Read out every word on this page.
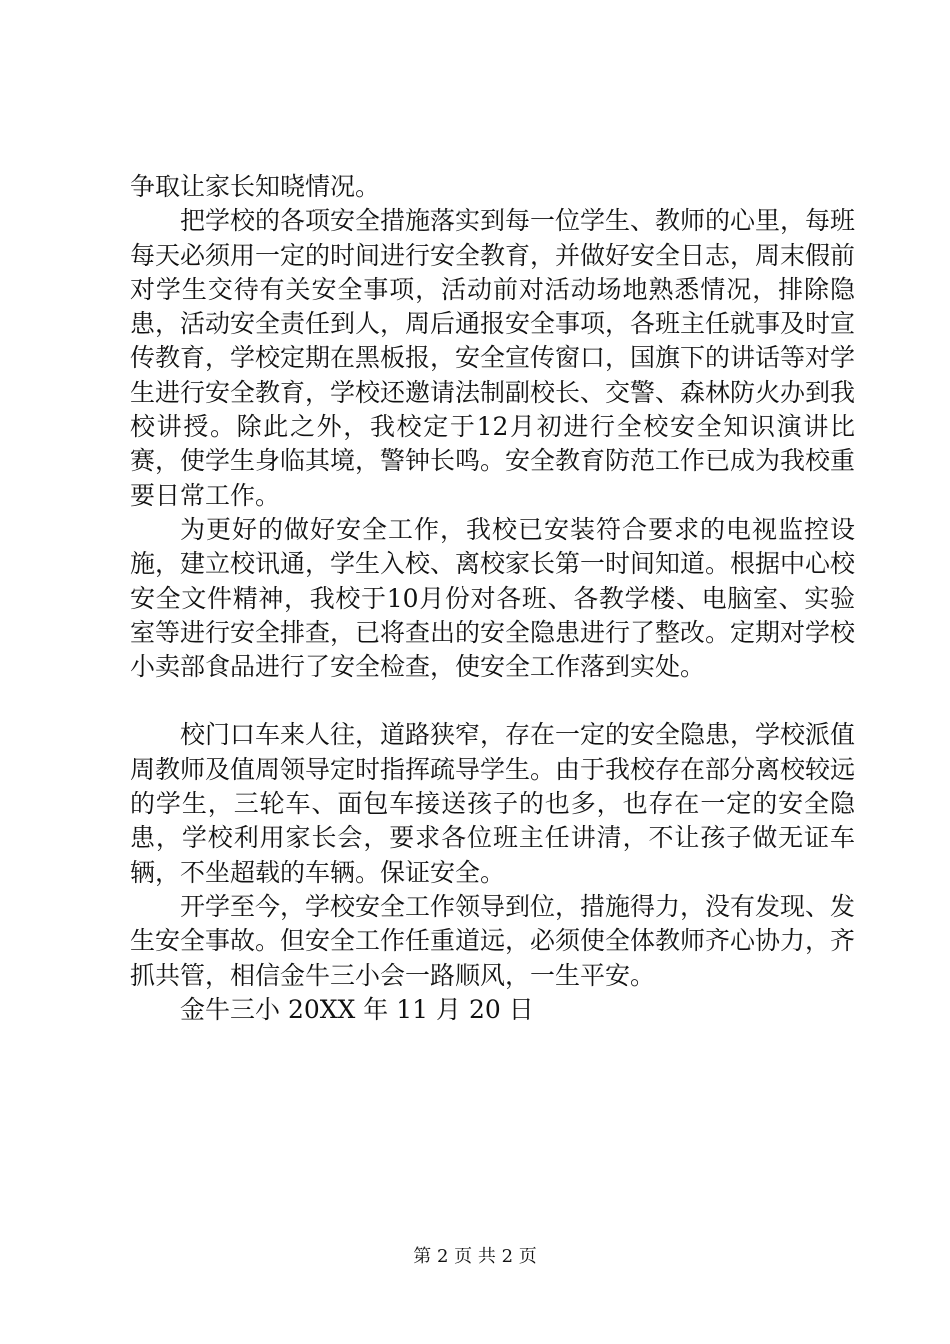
争取让家长知晓情况。

把学校的各项安全措施落实到每一位学生、教师的心里，每班每天必须用一定的时间进行安全教育，并做好安全日志，周末假前对学生交待有关安全事项，活动前对活动场地熟悉情况，排除隐患，活动安全责任到人，周后通报安全事项，各班主任就事及时宣传教育，学校定期在黑板报，安全宣传窗口，国旗下的讲话等对学生进行安全教育，学校还邀请法制副校长、交警、森林防火办到我校讲授。除此之外，我校定于12月初进行全校安全知识演讲比赛，使学生身临其境，警钟长鸣。安全教育防范工作已成为我校重要日常工作。

为更好的做好安全工作，我校已安装符合要求的电视监控设施，建立校讯通，学生入校、离校家长第一时间知道。根据中心校安全文件精神，我校于10月份对各班、各教学楼、电脑室、实验室等进行安全排查，已将查出的安全隐患进行了整改。定期对学校小卖部食品进行了安全检查，使安全工作落到实处。

校门口车来人往，道路狭窄，存在一定的安全隐患，学校派值周教师及值周领导定时指挥疏导学生。由于我校存在部分离校较远的学生，三轮车、面包车接送孩子的也多，也存在一定的安全隐患，学校利用家长会，要求各位班主任讲清，不让孩子做无证车辆，不坐超载的车辆。保证安全。

开学至今，学校安全工作领导到位，措施得力，没有发现、发生安全事故。但安全工作任重道远，必须使全体教师齐心协力，齐抓共管，相信金牛三小会一路顺风，一生平安。

金牛三小 20XX 年 11 月 20 日

第 2 页 共 2 页
